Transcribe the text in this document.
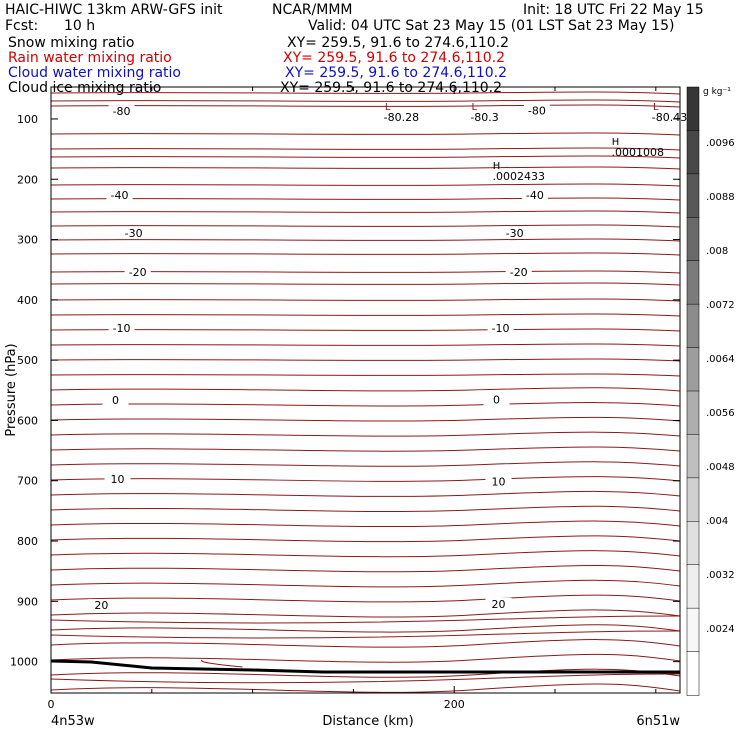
HAIC-HIWC 13km ARW-GFS init	NCAR/MMM	Init: 18 UTC Fri 22 May 15
Fcst: 10 h	Valid: 04 UTC Sat 23 May 15 (01 LST Sat 23 May 15)
Snow mixing ratio	XY= 259.5, 91.6 to 274.6,110.2
Rain water mixing ratio	XY= 259.5, 91.6 to 274.6,110.2
Cloud water mixing ratio	XY= 259.5, 91.6 to 274.6,110.2
Cloud ice mixing ratio	XY= 259.5, 91.6 to 274.6,110.2
-80	-80
-40	-40
-30	-30
-20	-20
-10	-10
0	0
10	10
20	20
L
-80.28
L
-80.3
L
-80.43
H
.0001008
H
.0002433
100
200
300
400
500
600
700
800
900
1000
0	200
Pressure (hPa)
Distance (km)
4n53w	6n51w
.0096
.0088
.008
.0072
.0064
.0056
.0048
.004
.0032
.0024
g kg⁻¹
